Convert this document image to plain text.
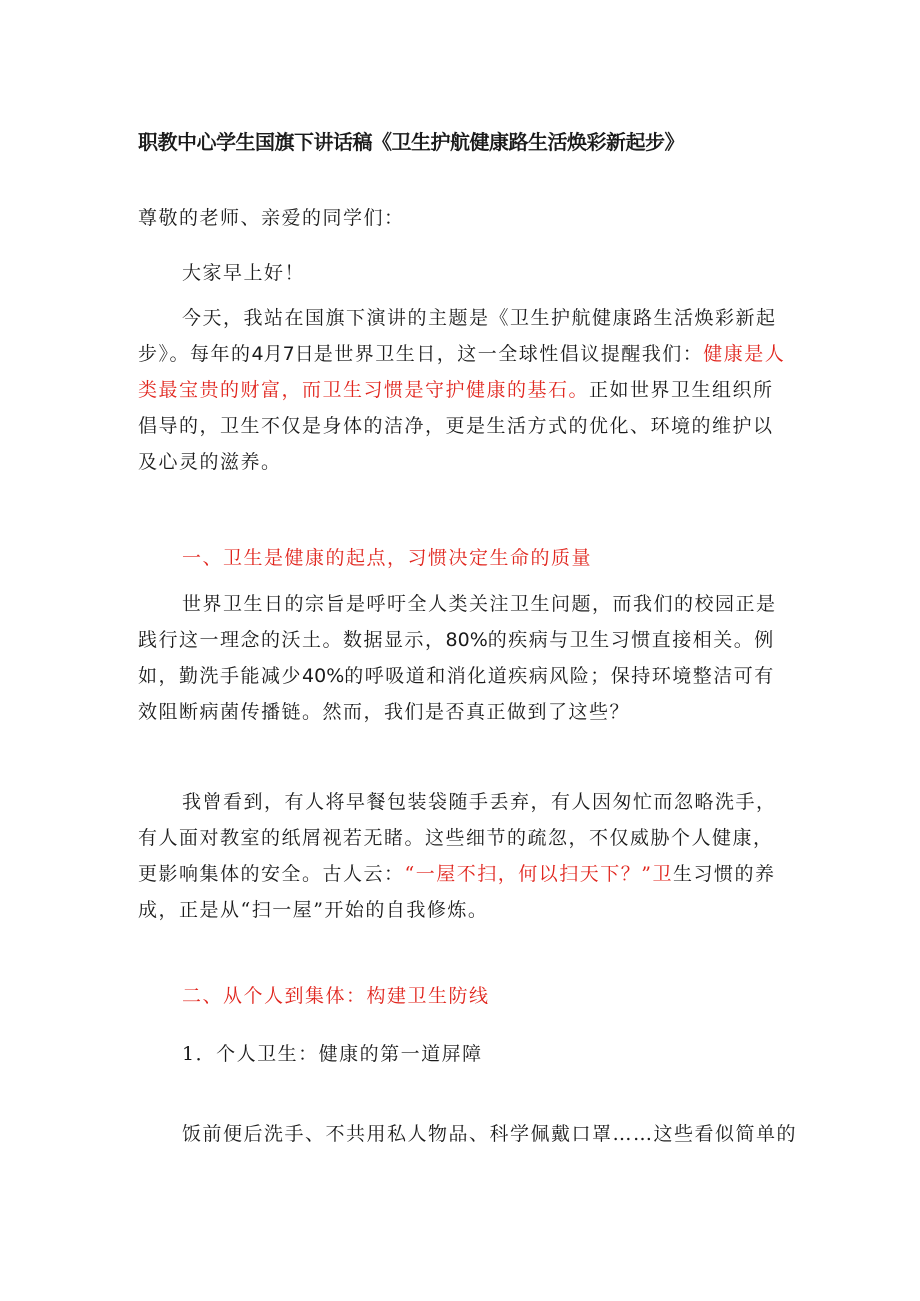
职教中心学生国旗下讲话稿《卫生护航健康路生活焕彩新起步》

尊敬的老师、亲爱的同学们：

大家早上好！

今天，我站在国旗下演讲的主题是《卫生护航健康路生活焕彩新起步》。每年的4月7日是世界卫生日，这一全球性倡议提醒我们：健康是人类最宝贵的财富，而卫生习惯是守护健康的基石。正如世界卫生组织所倡导的，卫生不仅是身体的洁净，更是生活方式的优化、环境的维护以及心灵的滋养。

一、卫生是健康的起点，习惯决定生命的质量

世界卫生日的宗旨是呼吁全人类关注卫生问题，而我们的校园正是践行这一理念的沃土。数据显示，80%的疾病与卫生习惯直接相关。例如，勤洗手能减少40%的呼吸道和消化道疾病风险；保持环境整洁可有效阻断病菌传播链。然而，我们是否真正做到了这些？

我曾看到，有人将早餐包装袋随手丢弃，有人因匆忙而忽略洗手，有人面对教室的纸屑视若无睹。这些细节的疏忽，不仅威胁个人健康，更影响集体的安全。古人云：“一屋不扫，何以扫天下？”卫生习惯的养成，正是从“扫一屋”开始的自我修炼。

二、从个人到集体：构建卫生防线

1．个人卫生：健康的第一道屏障

饭前便后洗手、不共用私人物品、科学佩戴口罩……这些看似简单的
